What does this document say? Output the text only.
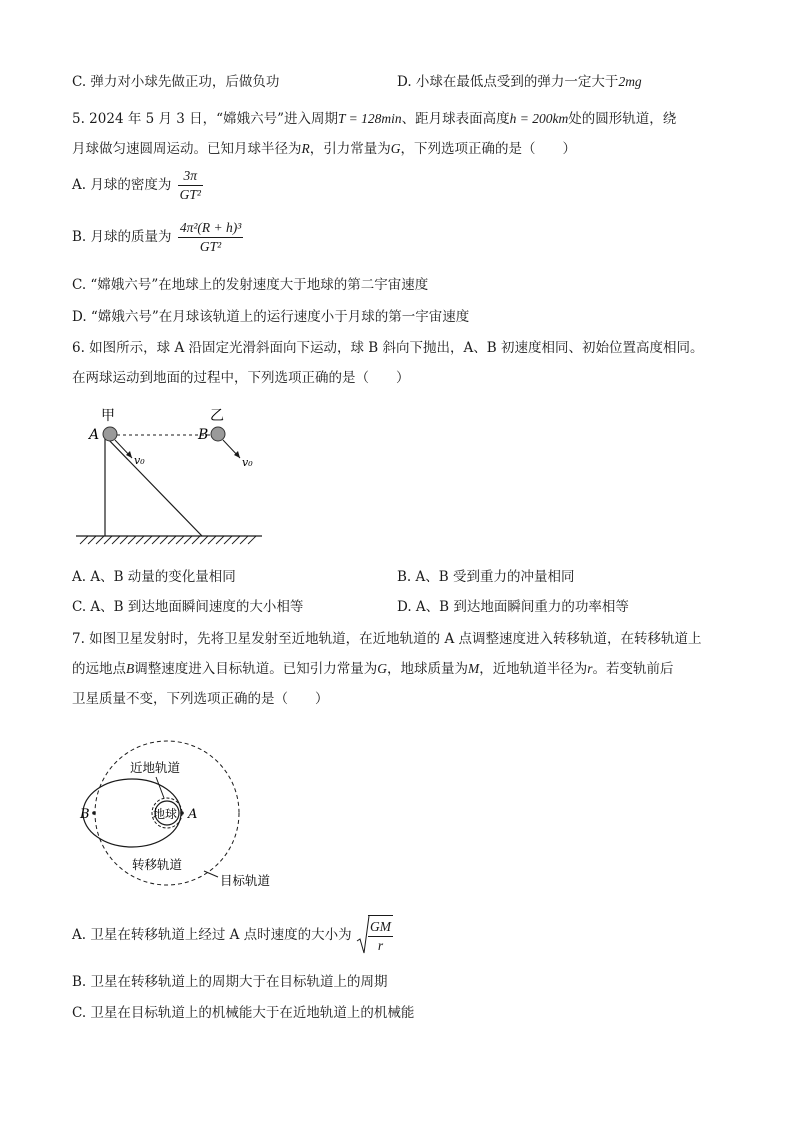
C. 弹力对小球先做正功，后做负功	D. 小球在最低点受到的弹力一定大于2mg
5. 2024 年 5 月 3 日，“嫦娥六号”进入周期T = 128min、距月球表面高度h = 200km处的圆形轨道，绕
月球做匀速圆周运动。已知月球半径为R，引力常量为G，下列选项正确的是（　　）
A. 月球的密度为 $\frac{3\pi}{\text{GT²}}$
B. 月球的质量为 $\frac{\text{4π²(R + h)³}}{\text{GT²}}$
C. “嫦娥六号”在地球上的发射速度大于地球的第二宇宙速度
D. “嫦娥六号”在月球该轨道上的运行速度小于月球的第一宇宙速度
6. 如图所示，球 A 沿固定光滑斜面向下运动，球 B 斜向下抛出，A、B 初速度相同、初始位置高度相同。
在两球运动到地面的过程中，下列选项正确的是（　　）
甲	乙
A	B
v₀	v₀
A. A、B 动量的变化量相同	B. A、B 受到重力的冲量相同
C. A、B 到达地面瞬间速度的大小相等	D. A、B 到达地面瞬间重力的功率相等
7. 如图卫星发射时，先将卫星发射至近地轨道，在近地轨道的 A 点调整速度进入转移轨道，在转移轨道上
的远地点B调整速度进入目标轨道。已知引力常量为G，地球质量为M，近地轨道半径为r。若变轨前后
卫星质量不变，下列选项正确的是（　　）
地球 A
B
近地轨道
转移轨道
目标轨道
A. 卫星在转移轨道上经过 A 点时速度的大小为 $\frac{GM}{r}$
B. 卫星在转移轨道上的周期大于在目标轨道上的周期
C. 卫星在目标轨道上的机械能大于在近地轨道上的机械能
